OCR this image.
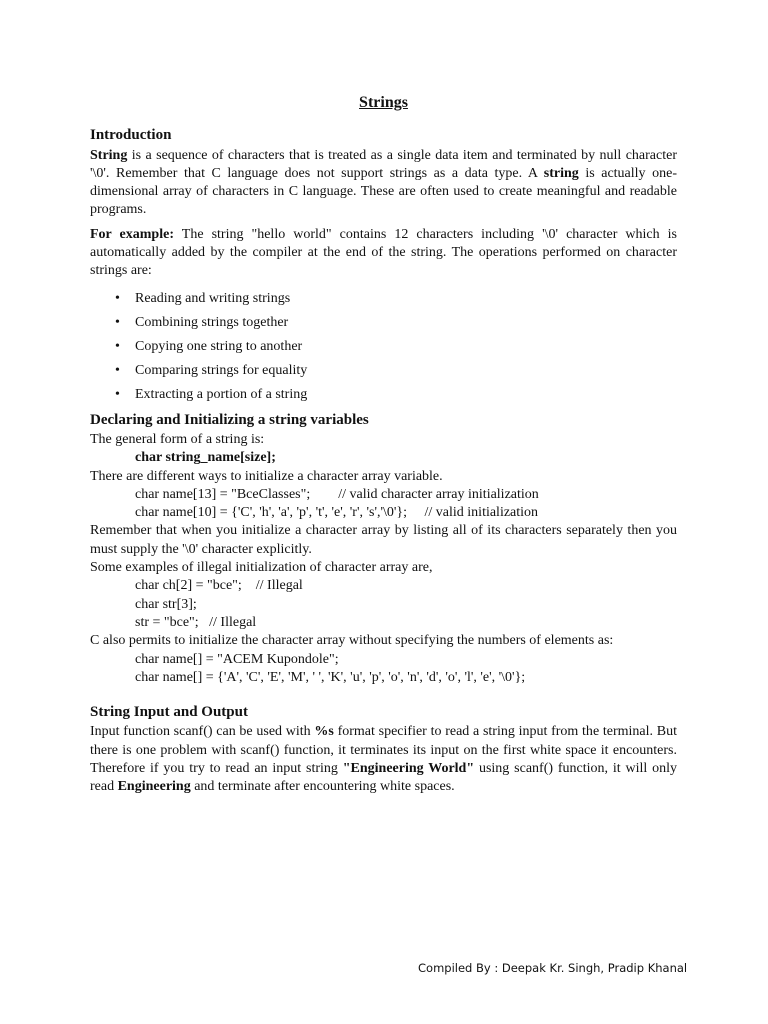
Strings
Introduction

String is a sequence of characters that is treated as a single data item and terminated by null character '\0'. Remember that C language does not support strings as a data type. A string is actually one-dimensional array of characters in C language. These are often used to create meaningful and readable programs.

For example: The string "hello world" contains 12 characters including '\0' character which is automatically added by the compiler at the end of the string. The operations performed on character strings are:

• Reading and writing strings
• Combining strings together
• Copying one string to another
• Comparing strings for equality
• Extracting a portion of a string
Declaring and Initializing a string variables

The general form of a string is:

char string_name[size];

There are different ways to initialize a character array variable.

char name[13] = "BceClasses";        // valid character array initialization
char name[10] = {'C', 'h', 'a', 'p', 't', 'e', 'r', 's','\0'};     // valid initialization

Remember that when you initialize a character array by listing all of its characters separately then you must supply the '\0' character explicitly.

Some examples of illegal initialization of character array are,

char ch[2] = "bce";    // Illegal
char str[3];
str = "bce";   // Illegal

C also permits to initialize the character array without specifying the numbers of elements as:

char name[] = "ACEM Kupondole";
char name[] = {'A', 'C', 'E', 'M', ' ', 'K', 'u', 'p', 'o', 'n', 'd', 'o', 'l', 'e', '\0'};
String Input and Output

Input function scanf() can be used with %s format specifier to read a string input from the terminal. But there is one problem with scanf() function, it terminates its input on the first white space it encounters. Therefore if you try to read an input string "Engineering World" using scanf() function, it will only read Engineering and terminate after encountering white spaces.

Compiled By : Deepak Kr. Singh, Pradip Khanal
